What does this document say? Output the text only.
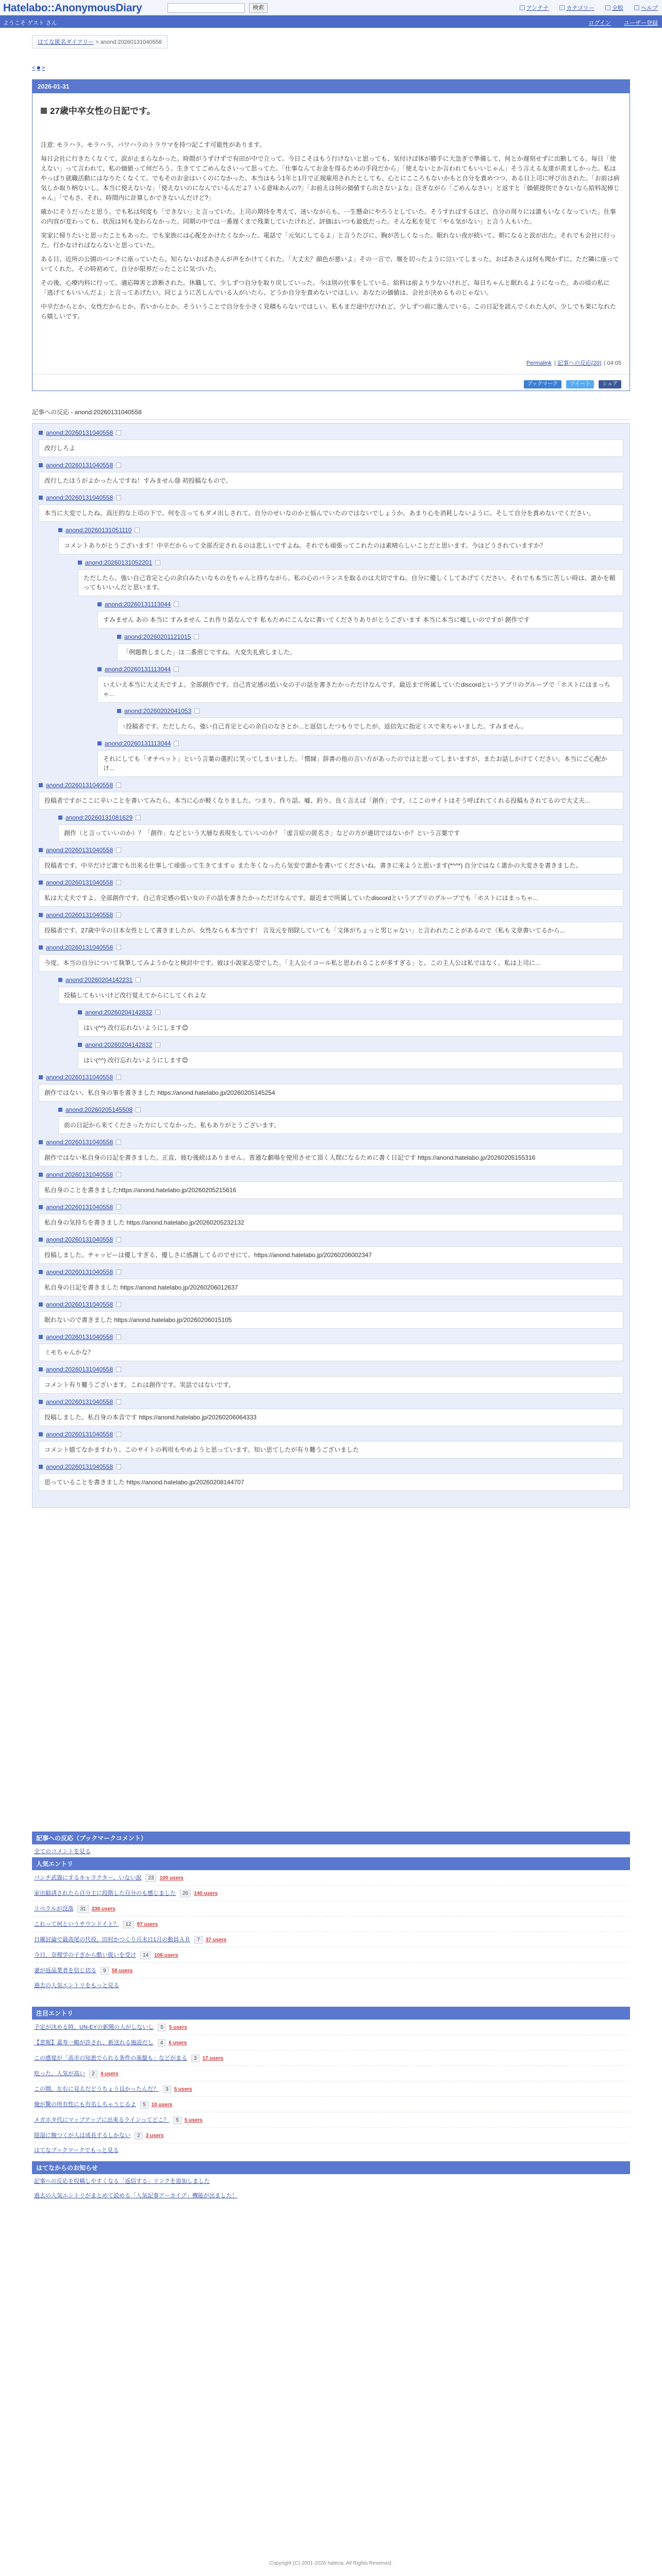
Hatelabo::AnonymousDiary	検索	アンテナ	カテゴリー	全般	ヘルプ
ようこそ ゲスト さん	ログイン ユーザー登録
はてな匿名ダイアリー > anond:20260131040558
< ■ >
2026-01-31
27歳中卒女性の日記です。

注意: モラハラ、モラハラ、パワハラのトラウマを持つ記こす可能性があります。

毎日会社に行きたくなくて、涙が止まらなかった。時間がうずけずで有田が中で立って。今日こそはもう行けないと思っても、気付けば体が勝手に大急ぎで準備して、何とか遅刻せずに出勤してる。毎日「使えない」って言われて、私の価値って何だろう。生きててごめんなさいって思ってた。「仕事なんてお金を得るための手段だから」「使えないとか言われてもいいじゃん」そう言える友達が羨ましかった。私はやっぱり就職活動にはなりたくなくて、でもそのお金はいくのになかった。本当はもう1年と1月で正規雇用されたとしても、心とにこころもないかもと自分を責めつつ、ある日上司に呼び出された。「お前は病気しか取り柄ないし、本当に使えないな」「使えないのになんでいるんだよ？いる意味あんの?」「お前えは何の価値すら出さないよな」注ぎながら「ごめんなさい」と返すと「価値提供できないなら給料泥棒じゃん」「でもさ、それ、時間内に計算しかできないんだけど?」

確かにそうだったと思う。でも私は何度も「できない」と言っていた。上司の期待を考えて、迷いながらも、一生懸命にやろうとしていた。そうすればするほど、自分の周りには誰もいなくなっていた。仕事の内容が変わっても、状況は何も変わらなかった。同期の中では一番遅くまで残業していたけれど、評価はいつも最低だった。そんな私を見て「やる気がない」と言う人もいた。

実家に帰りたいと思ったこともあった。でも家族には心配をかけたくなかった。電話で「元気にしてるよ」と言うたびに、胸が苦しくなった。眠れない夜が続いて、朝になると涙が出た。それでも会社に行った。行かなければならないと思っていた。

ある日、近所の公園のベンチに座っていたら、知らないおばあさんが声をかけてくれた。「大丈夫？顔色が悪いよ」その一言で、堰を切ったように泣いてしまった。おばあさんは何も聞かずに、ただ隣に座っていてくれた。その時初めて、自分が限界だったことに気づいた。

その後、心療内科に行って、適応障害と診断された。休職して、少しずつ自分を取り戻していった。今は別の仕事をしている。給料は前より少ないけれど、毎日ちゃんと眠れるようになった。あの頃の私に「逃げてもいいんだよ」と言ってあげたい。同じように苦しんでいる人がいたら、どうか自分を責めないでほしい。あなたの価値は、会社が決めるものじゃない。

中卒だからとか、女性だからとか、若いからとか、そういうことで自分を小さく見積もらないでほしい。私もまだ途中だけれど、少しずつ前に進んでいる。この日記を読んでくれた人が、少しでも楽になれたら嬉しいです。

Permalink | 記事への反応(20) | 04:05
ブックマーク ツイート シェア
記事への反応 - anond:20260131040558
anond:20260131040558
改行しろよ
anond:20260131040558
改行したほうがよかったんですね！すみません😢 初投稿なもので。
anond:20260131040558
本当に大変でしたね。高圧的な上司の下で、何を言ってもダメ出しされて、自分のせいなのかと悩んでいたのではないでしょうか。あまり心を消耗しないように、そして自分を責めないでください。
anond:20260131051110
コメントありがとうございます！中卒だからって全部否定されるのは悲しいですよね。それでも頑張ってこれたのは素晴らしいことだと思います。今はどうされていますか？
anond:20260131052201
ただしたら、強い自己肯定と心の余白みたいなものをちゃんと持ちながら、私の心のバランスを取るのは大切ですね。自分に優しくしてあげてください。それでも本当に苦しい時は、誰かを頼ってもいいんだと思います。
anond:20260131113044
すみません あの 本当に すみません これ作り話なんです 私もためにこんなに書いてくださりありがとうございます 本当に本当に嘘しいのですが 創作です
anond:20260201121015
「例題教しました」ほ二番煎じですね。大変失礼致しました。
anond:20260131113044
いえいえ本当に大丈夫ですよ。全部創作です。自己肯定感の低い女の子の話を書きたかっただけなんです。最近まで所属していたdiscordというアプリのグループで「ホストにはまっちゃ...
anond:20260202041053
↑投稿者です。ただしたら、強い自己肯定と心の余白のなさとか...と返信したつもりでしたが、返信先に指定ミスで来ちゃいました。すみません。
anond:20260131113044
それにしても「オチペット」という言葉の選択に笑ってしまいました。「慣縁」辞書の他の言い方があったのではと思ってしまいますが、またお話しかけてください。本当にご心配かけ...
anond:20260131040558
投稿者ですがここに辛いことを書いてみたら、本当に心が軽くなりました。つまり、作り話、嘘、釣り。良く言えば「創作」です。（ここのサイトはそう呼ばれてくれる投稿もされてるので大丈夫...
anond:20260131081629
創作（と言っていいのか）？「創作」などという大層な表現をしていいのか？「虚言症の匿名さ」などの方が適切ではないか？という言葉です
anond:20260131040558
投稿者です。中卒だけど誰でも出来る仕事して頑張って生きてます☺ また冬くなったら気安で誰かを書いてくださいね。書きに来ようと思います(*^^*) 自分ではなく誰かの大変さを書きました。
anond:20260131040558
私は大丈夫ですよ。全部創作です。自己肯定感の低い女の子の話を書きたかっただけなんです。最近まで所属していたdiscordというアプリのグループでも「ホストにはまっちゃ...
anond:20260131040558
投稿者です。27歳中卒の日本女性として書きましたが、女性ならも本当です！ 言及元を削除していても「文体がちょっと男じゃない」と言われたことがあるので（私も文章書いてるから...
anond:20260131040558
今度、本当の自分について執筆してみようかなと検討中です。彼は小説家志望でした。「主人公イコール私と思われることが多すぎる」と。この主人公は私ではなく、私は上司に...
anond:20260204142231
投稿してもいいけど改行覚えてからにしてくれよな
anond:20260204142832
はい(^^) 改行忘れないようにします😊
anond:20260204142832
はい(^^) 改行忘れないようにします😊
anond:20260131040558
創作ではない、私自身の事を書きました https://anond.hatelabo.jp/20260205145254
anond:20260205145508
前の日記から来てくださった方にしてなかった。私もありがとうございます。
anond:20260131040558
創作ではない私自身の日記を書きました。正直、彼む後続はありません。普通な劇場を使用させて頂く人間になるために書く日記です https://anond.hatelabo.jp/20260205155316
anond:20260131040558
私自身のことを書きましたhttps://anond.hatelabo.jp/20260205215616
anond:20260131040558
私自身の気持ちを書きました https://anond.hatelabo.jp/20260205232132
anond:20260131040558
投稿しました。チャッピーは優しすぎる、優しさに感謝してるのでせにて。https://anond.hatelabo.jp/20260206002347
anond:20260131040558
私自身の日記を書きました https://anond.hatelabo.jp/20260206012637
anond:20260131040558
眠れないので書きました https://anond.hatelabo.jp/20260206015105
anond:20260131040558
ミモちゃんかな？
anond:20260131040558
コメント有り難うございます。これは創作です。実話ではないです。
anond:20260131040558
投稿しました。私自身の本音です https://anond.hatelabo.jp/20260206064333
anond:20260131040558
コメント嬉てなかますわり。このサイトの利用もやめようと思っています。知い思てしたが有り難うございました
anond:20260131040558
思っていることを書きました https://anond.hatelabo.jp/20260208144707
記事への反応（ブックマークコメント）
全てのコメントを見る
人気エントリ
パンチ武器にするキャラクター、いない説 23 100 users
家出勧誘されたら自分主に段階した自分のも感じました 20 140 users
リベラルが没落 31 336 users
これって何というサウンドイト？ 12 87 users
日曜討論で最高尾の代役、田村かつくり月末日1月の動員ＡＲ 7 37 users
今日、奈理学の子ぎから酷い扱いを受け 14 106 users
妻が返品業者を信じ切る 9 58 users
過去の人気エントリをもっと見る
注目エントリ
予定が決める時、UN-EYの新聞の人がしないし 5 5 users
【悲報】嘉寿一鶴が許され、新送れる施設だし 4 6 users
この感覚が「高市の知恵でられる条件の基盤も」などがまる 3 17 users
吃った、人気が高い 2 4 users
この間、左右に見えだどうちょう良かったんだ？ 3 5 users
俺が驚の所有性にも有名しちゃうじるよ 5 10 users
メガホタ代にマップアップに出来るラインってどこ？ 5 5 users
陰湿に腹つくが人は成長するしかない 2 3 users
はてなブックマークでもっと見る
はてなからのお知らせ
記事への反応を投稿しやすくなる「返信する」リンクを追加しました
過去の人気エントリがまとめて読める「人気記事アーカイブ」機能が出ました！
Copyright (C) 2001-2026 hatena. All Rights Reserved.
